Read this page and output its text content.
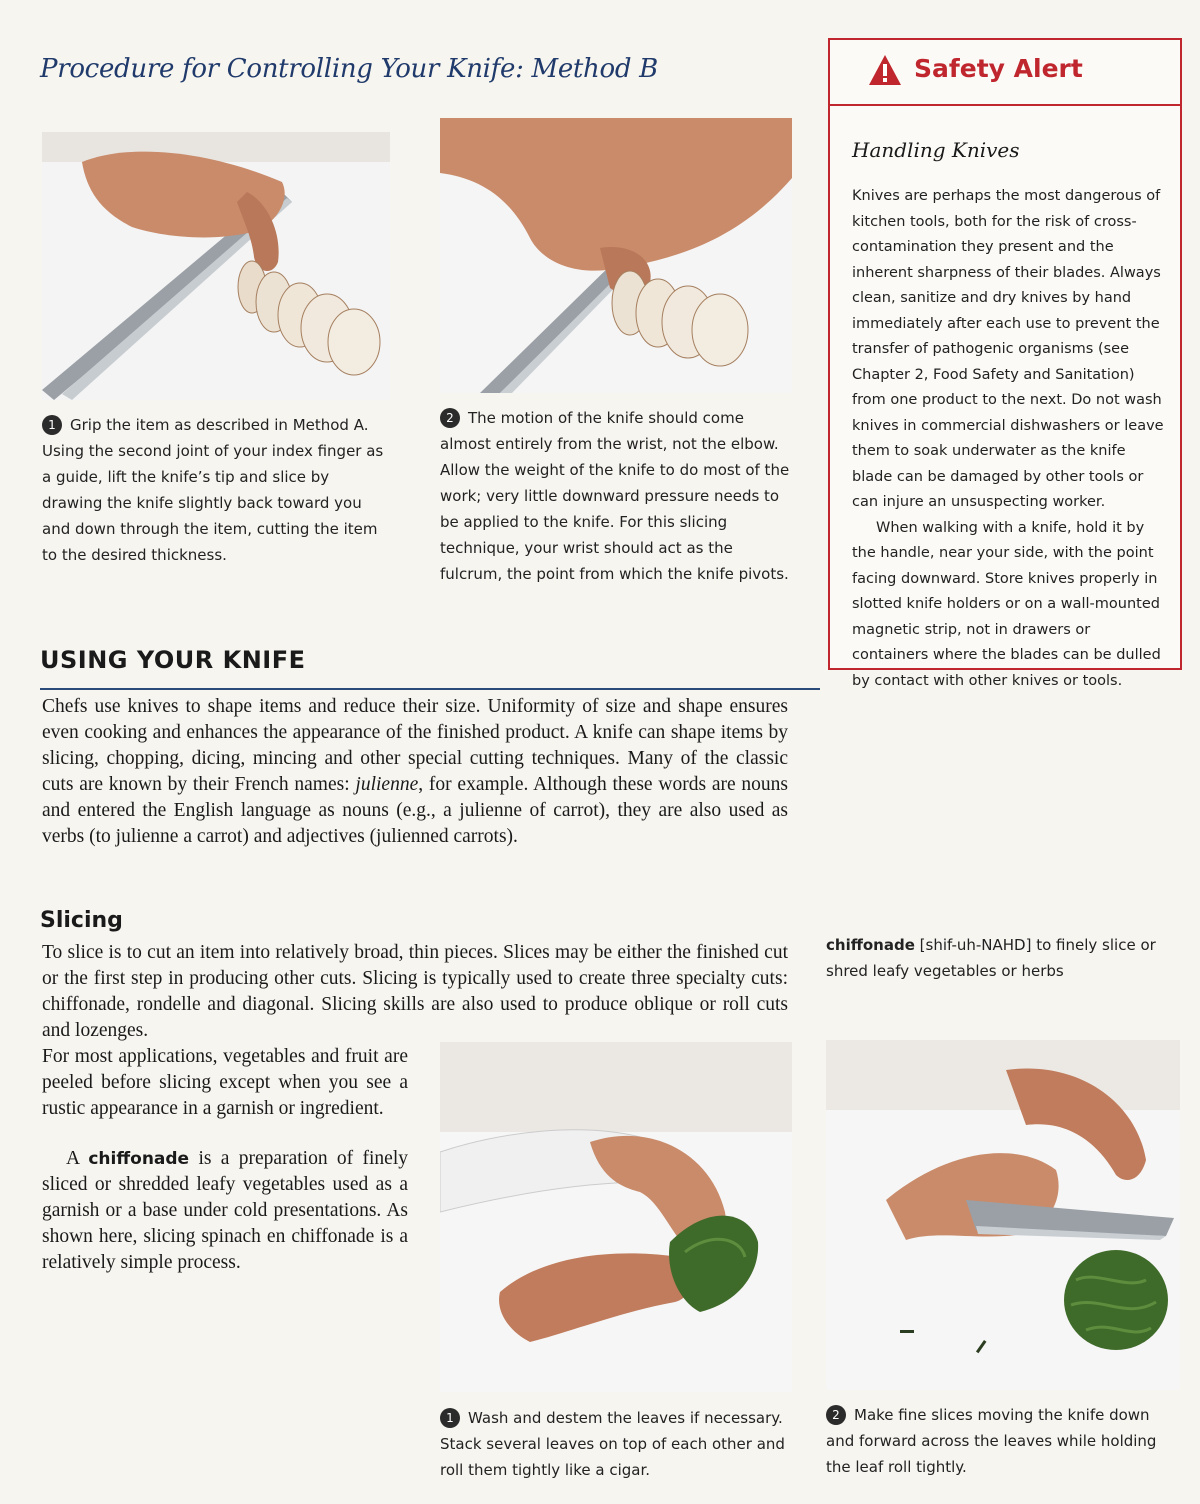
Procedure for Controlling Your Knife: Method B
1 Grip the item as described in Method A. Using the second joint of your index finger as a guide, lift the knife’s tip and slice by drawing the knife slightly back toward you and down through the item, cutting the item to the desired thickness.
2 The motion of the knife should come almost entirely from the wrist, not the elbow. Allow the weight of the knife to do most of the work; very little downward pressure needs to be applied to the knife. For this slicing technique, your wrist should act as the fulcrum, the point from which the knife pivots.
Safety Alert
Handling Knives

Knives are perhaps the most dangerous of kitchen tools, both for the risk of cross-contamination they present and the inherent sharpness of their blades. Always clean, sanitize and dry knives by hand immediately after each use to prevent the transfer of pathogenic organisms (see Chapter 2, Food Safety and Sanitation) from one product to the next. Do not wash knives in commercial dishwashers or leave them to soak underwater as the knife blade can be damaged by other tools or can injure an unsuspecting worker.

When walking with a knife, hold it by the handle, near your side, with the point facing downward. Store knives properly in slotted knife holders or on a wall-mounted magnetic strip, not in drawers or containers where the blades can be dulled by contact with other knives or tools.

USING YOUR KNIFE

Chefs use knives to shape items and reduce their size. Uniformity of size and shape ensures even cooking and enhances the appearance of the finished product. A knife can shape items by slicing, chopping, dicing, mincing and other special cutting techniques. Many of the classic cuts are known by their French names: julienne, for example. Although these words are nouns and entered the English language as nouns (e.g., a julienne of carrot), they are also used as verbs (to julienne a carrot) and adjectives (julienned carrots).

Slicing

To slice is to cut an item into relatively broad, thin pieces. Slices may be either the finished cut or the first step in producing other cuts. Slicing is typically used to create three specialty cuts: chiffonade, rondelle and diagonal. Slicing skills are also used to produce oblique or roll cuts and lozenges.

For most applications, vegetables and fruit are peeled before slicing except when you see a rustic appearance in a garnish or ingredient.

A chiffonade is a preparation of finely sliced or shredded leafy vegetables used as a garnish or a base under cold presentations. As shown here, slicing spinach en chiffonade is a relatively simple process.

chiffonade [shif-uh-NAHD] to finely slice or shred leafy vegetables or herbs
1 Wash and destem the leaves if necessary. Stack several leaves on top of each other and roll them tightly like a cigar.
2 Make fine slices moving the knife down and forward across the leaves while holding the leaf roll tightly.
